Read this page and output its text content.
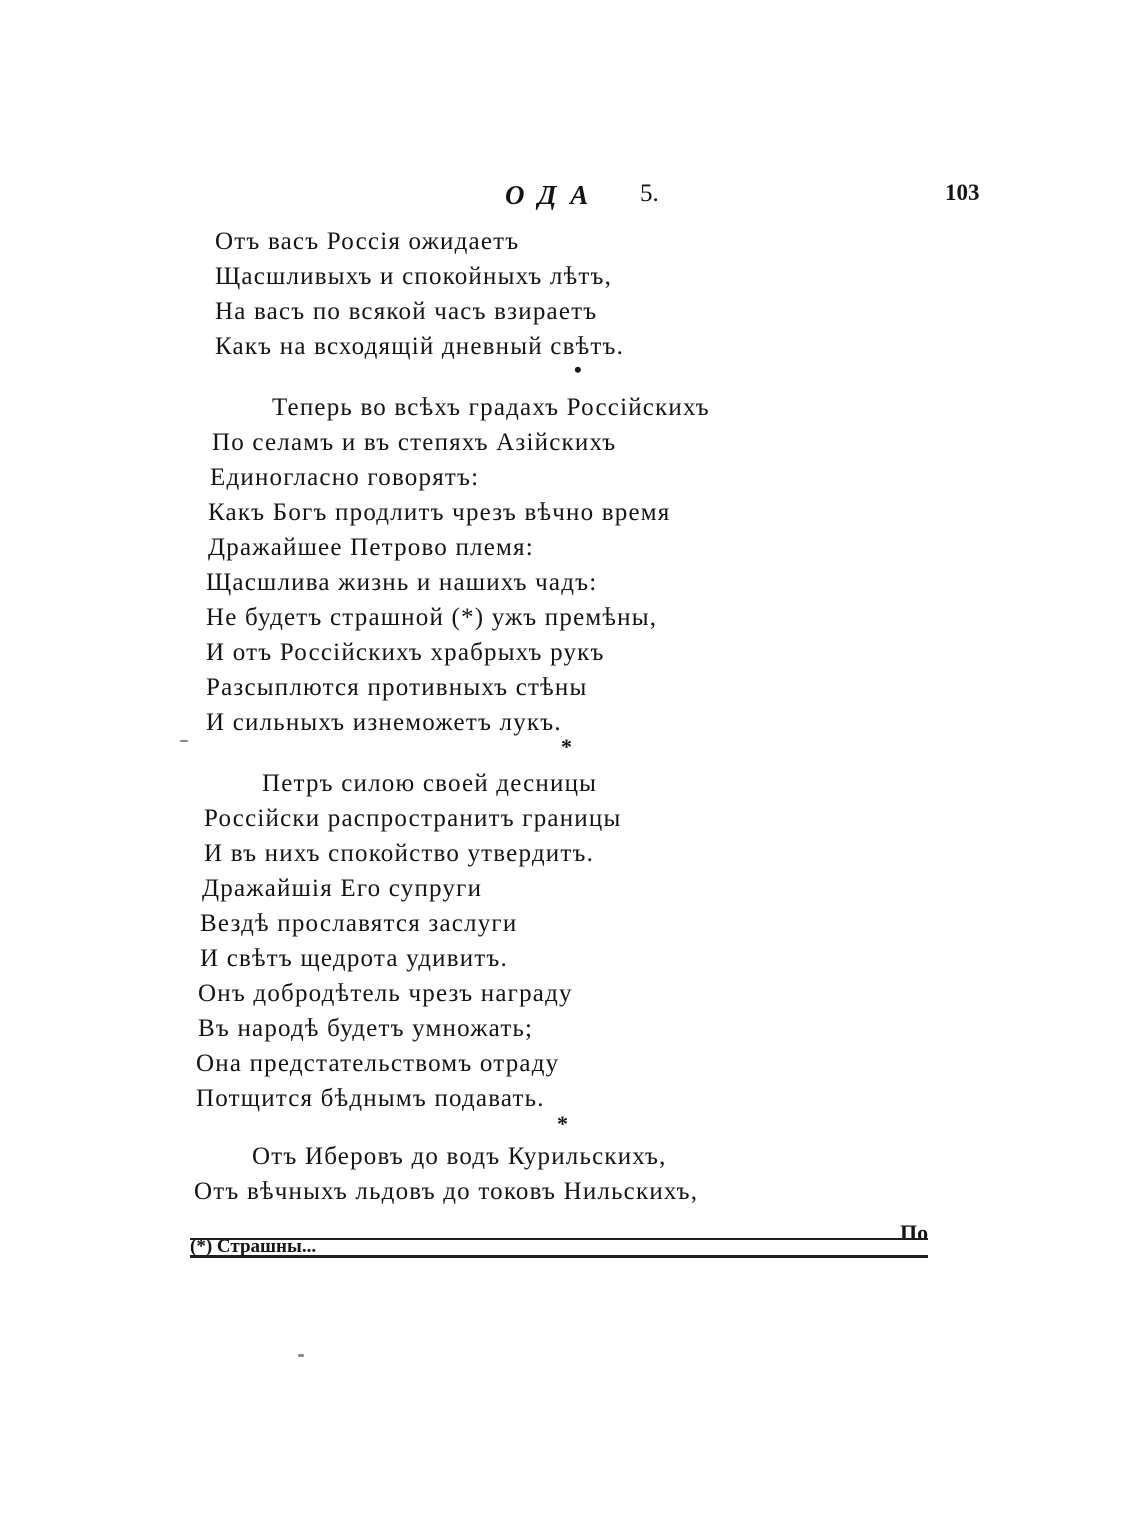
ОДА 5.	103
Отъ васъ Россія ожидаетъ
Щасшливыхъ и спокойныхъ лѣтъ,
На васъ по всякой часъ взираетъ
Какъ на всходящій дневный свѣтъ.
•
Теперь во всѣхъ градахъ Россійскихъ
По селамъ и въ степяхъ Азійскихъ
Единогласно говорятъ:
Какъ Богъ продлитъ чрезъ вѣчно время
Дражайшее Петрово племя:
Щасшлива жизнь и нашихъ чадъ:
Не будетъ страшной (*) ужъ премѣны,
И отъ Россійскихъ храбрыхъ рукъ
Разсыплются противныхъ стѣны
И сильныхъ изнеможетъ лукъ.
*
Петръ силою своей десницы
Россійски распространитъ границы
И въ нихъ спокойство утвердитъ.
Дражайшія Его супруги
Вездѣ прославятся заслуги
И свѣтъ щедрота удивитъ.
Онъ добродѣтель чрезъ награду
Въ народѣ будетъ умножать;
Она предстательствомъ отраду
Потщится бѣднымъ подавать.
*
Отъ Иберовъ до водъ Курильскихъ,
Отъ вѣчныхъ льдовъ до токовъ Нильскихъ,
По
(*) Страшны...
